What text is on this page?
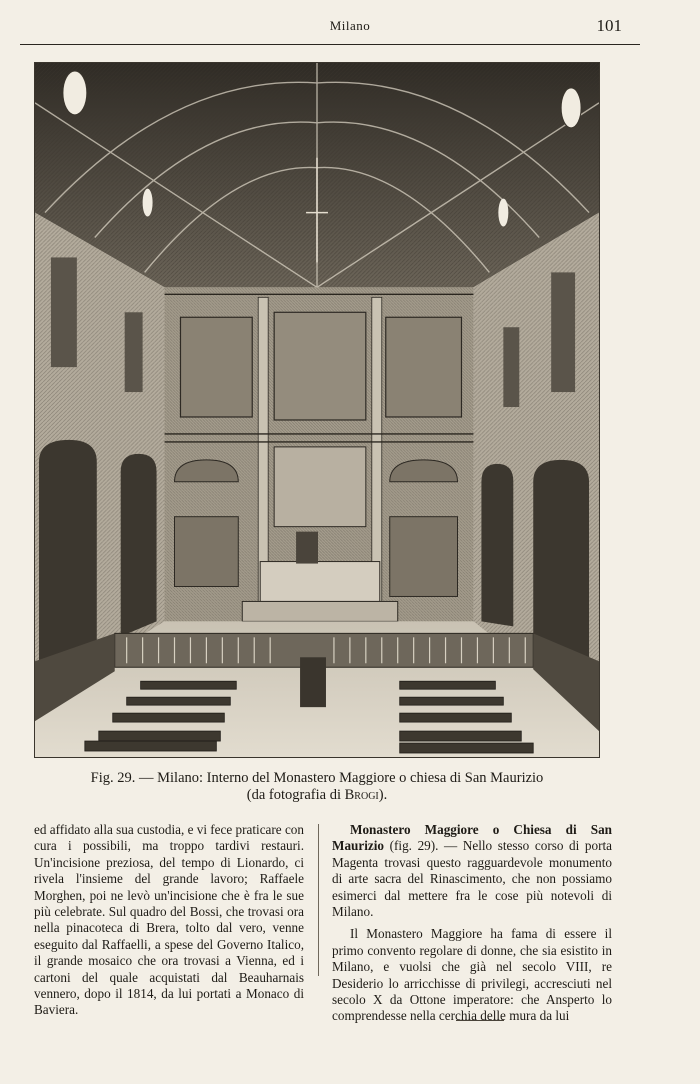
Milano	101
Fig. 29. — Milano: Interno del Monastero Maggiore o chiesa di San Maurizio
(da fotografia di Brogi).

ed affidato alla sua custodia, e vi fece praticare con cura i possibili, ma troppo tardivi restauri. Un'incisione preziosa, del tempo di Lionardo, ci rivela l'insieme del grande lavoro; Raffaele Morghen, poi ne levò un'incisione che è fra le sue più celebrate. Sul quadro del Bossi, che trovasi ora nella pinacoteca di Brera, tolto dal vero, venne eseguito dal Raffaelli, a spese del Governo Italico, il grande mosaico che ora trovasi a Vienna, ed i cartoni del quale acquistati dal Beauharnais vennero, dopo il 1814, da lui portati a Monaco di Baviera.

Monastero Maggiore o Chiesa di San Maurizio (fig. 29). — Nello stesso corso di porta Magenta trovasi questo ragguardevole monumento di arte sacra del Rinascimento, che non possiamo esimerci dal mettere fra le cose più notevoli di Milano.

Il Monastero Maggiore ha fama di essere il primo convento regolare di donne, che sia esistito in Milano, e vuolsi che già nel secolo VIII, re Desiderio lo arricchisse di privilegi, accresciuti nel secolo X da Ottone imperatore: che Ansperto lo comprendesse nella cerchia delle mura da lui
